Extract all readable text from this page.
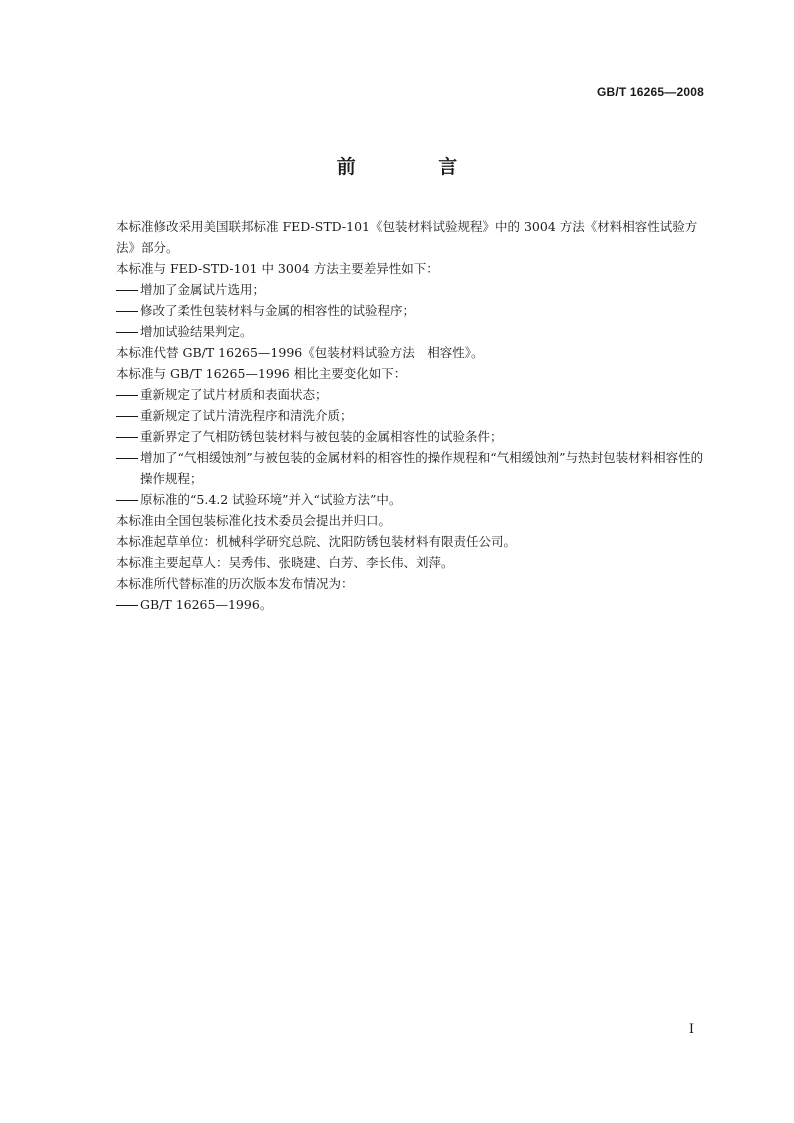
GB/T 16265—2008
前 言

本标准修改采用美国联邦标准 FED-STD-101《包装材料试验规程》中的 3004 方法《材料相容性试验方法》部分。

本标准与 FED-STD-101 中 3004 方法主要差异性如下：

增加了金属试片选用；

修改了柔性包装材料与金属的相容性的试验程序；

增加试验结果判定。

本标准代替 GB/T 16265—1996《包装材料试验方法　相容性》。

本标准与 GB/T 16265—1996 相比主要变化如下：

重新规定了试片材质和表面状态；

重新规定了试片清洗程序和清洗介质；

重新界定了气相防锈包装材料与被包装的金属相容性的试验条件；

增加了“气相缓蚀剂”与被包装的金属材料的相容性的操作规程和“气相缓蚀剂”与热封包装材料相容性的操作规程；

原标准的“5.4.2 试验环境”并入“试验方法”中。

本标准由全国包装标准化技术委员会提出并归口。

本标准起草单位：机械科学研究总院、沈阳防锈包装材料有限责任公司。

本标准主要起草人：吴秀伟、张晓建、白芳、李长伟、刘萍。

本标准所代替标准的历次版本发布情况为：

GB/T 16265—1996。

I
